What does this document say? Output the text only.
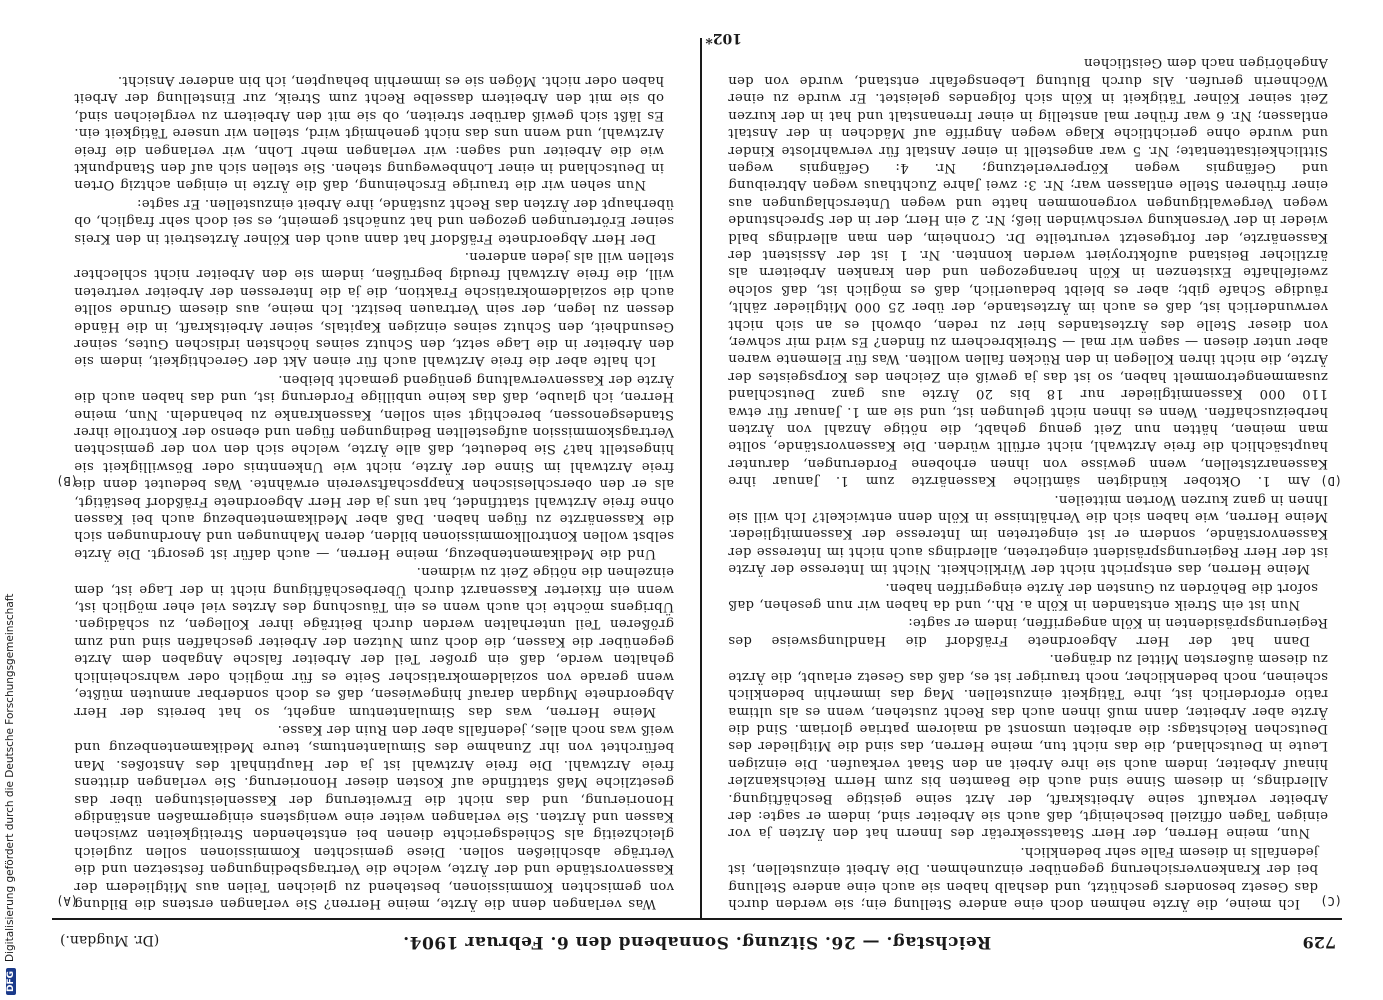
729
Reichstag. — 26. Sitzung. Sonnabend den 6. Februar 1904.
(Dr. Mugdan.)
(A)
(B)
(C)
(D)

Was verlangen denn die Ärzte, meine Herren? Sie verlangen erstens die Bildung von gemischten Kommissionen, bestehend zu gleichen Teilen aus Mitgliedern der Kassenvorstände und der Ärzte, welche die Vertragsbedingungen festsetzen und die Verträge abschließen sollen. Diese gemischten Kommissionen sollen zugleich gleichzeitig als Schiedsgerichte dienen bei entstehenden Streitigkeiten zwischen Kassen und Ärzten. Sie verlangen weiter eine wenigstens einigermaßen anständige Honorierung, und das nicht die Erweiterung der Kassenleistungen über das gesetzliche Maß stattfinde auf Kosten dieser Honorierung. Sie verlangen drittens freie Arztwahl. Die freie Arztwahl ist ja der Hauptinhalt des Anstoßes. Man befürchtet von ihr Zunahme des Simulantentums, teure Medikamentenbezug und weiß was noch alles, jedenfalls aber den Ruin der Kasse.

Meine Herren, was das Simulantentum angeht, so hat bereits der Herr Abgeordnete Mugdan darauf hingewiesen, daß es doch sonderbar anmuten müßte, wenn gerade von sozialdemokratischer Seite es für möglich oder wahrscheinlich gehalten werde, daß ein großer Teil der Arbeiter falsche Angaben dem Arzte gegenüber die Kassen, die doch zum Nutzen der Arbeiter geschaffen sind und zum größeren Teil unterhalten werden durch Beiträge ihrer Kollegen, zu schädigen. Übrigens möchte ich auch wenn es ein Täuschung des Arztes viel eher möglich ist, wenn ein fixierter Kassenarzt durch Überbeschäftigung nicht in der Lage ist, dem einzelnen die nötige Zeit zu widmen.

Und die Medikamentenbezug, meine Herren, — auch dafür ist gesorgt. Die Ärzte selbst wollen Kontrollkommissionen bilden, deren Mahnungen und Anordnungen sich die Kassenärzte zu fügen haben. Daß aber Medikamentenbezug auch bei Kassen ohne freie Arztwahl stattfindet, hat uns ja der Herr Abgeordnete Fräßdorf bestätigt, als er den oberschlesischen Knappschaftsverein erwähnte. Was bedeutet denn die freie Arztwahl im Sinne der Ärzte, nicht wie Unkenntnis oder Böswilligkeit sie hingestellt hat? Sie bedeutet, daß alle Ärzte, welche sich den von der gemischten Vertragskommission aufgestellten Bedingungen fügen und ebenso der Kontrolle ihrer Standesgenossen, berechtigt sein sollen, Kassenkranke zu behandeln. Nun, meine Herren, ich glaube, daß das keine unbillige Forderung ist, und das haben auch die Ärzte der Kassenverwaltung genügend gemacht bleiben.

Ich halte aber die freie Arztwahl auch für einen Akt der Gerechtigkeit, indem sie den Arbeiter in die Lage setzt, den Schutz seines höchsten irdischen Gutes, seiner Gesundheit, den Schutz seines einzigen Kapitals, seiner Arbeitskraft, in die Hände dessen zu legen, der sein Vertrauen besitzt. Ich meine, aus diesem Grunde sollte auch die sozialdemokratische Fraktion, die ja die Interessen der Arbeiter vertreten will, die freie Arztwahl freudig begrüßen, indem sie den Arbeiter nicht schlechter stellen will als jeden anderen.

Der Herr Abgeordnete Fräßdorf hat dann auch den Kölner Ärztestreit in den Kreis seiner Erörterungen gezogen und hat zunächst gemeint, es sei doch sehr fraglich, ob überhaupt der Ärzten das Recht zustände, ihre Arbeit einzustellen. Er sagte:

Nun sehen wir die traurige Erscheinung, daß die Ärzte in einigen achtzig Orten in Deutschland in einer Lohnbewegung stehen. Sie stellen sich auf den Standpunkt wie die Arbeiter und sagen: wir verlangen mehr Lohn, wir verlangen die freie Arztwahl, und wenn uns das nicht genehmigt wird, stellen wir unsere Tätigkeit ein. Es läßt sich gewiß darüber streiten, ob sie mit den Arbeitern zu vergleichen sind, ob sie mit den Arbeitern dasselbe Recht zum Streik, zur Einstellung der Arbeit haben oder nicht. Mögen sie es immerhin behaupten, ich bin anderer Ansicht.

Ich meine, die Ärzte nehmen doch eine andere Stellung ein; sie werden durch das Gesetz besonders geschützt, und deshalb haben sie auch eine andere Stellung bei der Krankenversicherung gegenüber einzunehmen. Die Arbeit einzustellen, ist jedenfalls in diesem Falle sehr bedenklich.

Nun, meine Herren, der Herr Staatssekretär des Innern hat den Ärzten ja vor einigen Tagen offiziell bescheinigt, daß auch sie Arbeiter sind, indem er sagte: der Arbeiter verkauft seine Arbeitskraft, der Arzt seine geistige Beschäftigung. Allerdings, in diesem Sinne sind auch die Beamten bis zum Herrn Reichskanzler hinauf Arbeiter, indem auch sie ihre Arbeit an den Staat verkaufen. Die einzigen Leute in Deutschland, die das nicht tun, meine Herren, das sind die Mitglieder des Deutschen Reichstags: die arbeiten umsonst ad maiorem patriae gloriam. Sind die Ärzte aber Arbeiter, dann muß ihnen auch das Recht zustehen, wenn es als ultima ratio erforderlich ist, ihre Tätigkeit einzustellen. Mag das immerhin bedenklich scheinen, noch bedenklicher, noch trauriger ist es, daß das Gesetz erlaubt, die Ärzte zu diesem äußersten Mittel zu drängen.

Dann hat der Herr Abgeordnete Fräßdorf die Handlungsweise des Regierungspräsidenten in Köln angegriffen, indem er sagte:

Nun ist ein Streik entstanden in Köln a. Rh., und da haben wir nun gesehen, daß sofort die Behörden zu Gunsten der Ärzte eingegriffen haben.

Meine Herren, das entspricht nicht der Wirklichkeit. Nicht im Interesse der Ärzte ist der Herr Regierungspräsident eingetreten, allerdings auch nicht im Interesse der Kassenvorstände, sondern er ist eingetreten im Interesse der Kassenmitglieder. Meine Herren, wie haben sich die Verhältnisse in Köln denn entwickelt? Ich will sie Ihnen in ganz kurzen Worten mitteilen.

Am 1. Oktober kündigten sämtliche Kassenärzte zum 1. Januar ihre Kassenarztstellen, wenn gewisse von ihnen erhobene Forderungen, darunter hauptsächlich die freie Arztwahl, nicht erfüllt würden. Die Kassenvorstände, sollte man meinen, hätten nun Zeit genug gehabt, die nötige Anzahl von Ärzten herbeizuschaffen. Wenn es ihnen nicht gelungen ist, und sie am 1. Januar für etwa 110 000 Kassenmitglieder nur 18 bis 20 Ärzte aus ganz Deutschland zusammengetrommelt haben, so ist das ja gewiß ein Zeichen des Korpsgeistes der Ärzte, die nicht ihren Kollegen in den Rücken fallen wollten. Was für Elemente waren aber unter diesen — sagen wir mal — Streikbrechern zu finden? Es wird mir schwer, von dieser Stelle des Ärztestandes hier zu reden, obwohl es an sich nicht verwunderlich ist, daß es auch im Ärztestande, der über 25 000 Mitglieder zählt, räudige Schafe gibt; aber es bleibt bedauerlich, daß es möglich ist, daß solche zweifelhafte Existenzen in Köln herangezogen und den kranken Arbeitern als ärztlicher Beistand aufoktroyiert werden konnten. Nr. 1 ist der Assistent der Kassenärzte, der fortgesetzt verurteilte Dr. Cronheim, den man allerdings bald wieder in der Versenkung verschwinden ließ; Nr. 2 ein Herr, der in der Sprechstunde wegen Vergewaltigungen vorgenommen hatte und wegen Unterschlagungen aus einer früheren Stelle entlassen war; Nr. 3: zwei Jahre Zuchthaus wegen Abtreibung und Gefängnis wegen Körperverletzung; Nr. 4: Gefängnis wegen Sittlichkeitsattentate; Nr. 5 war angestellt in einer Anstalt für verwahrloste Kinder und wurde ohne gerichtliche Klage wegen Angriffe auf Mädchen in der Anstalt entlassen; Nr. 6 war früher mal anstellig in einer Irrenanstalt und hat in der kurzen Zeit seiner Kölner Tätigkeit in Köln sich folgendes geleistet. Er wurde zu einer Wöchnerin gerufen. Als durch Blutung Lebensgefahr entstand, wurde von den Angehörigen nach dem Geistlichen

102*
DFGDigitalisierung gefördert durch die Deutsche Forschungsgemeinschaft
